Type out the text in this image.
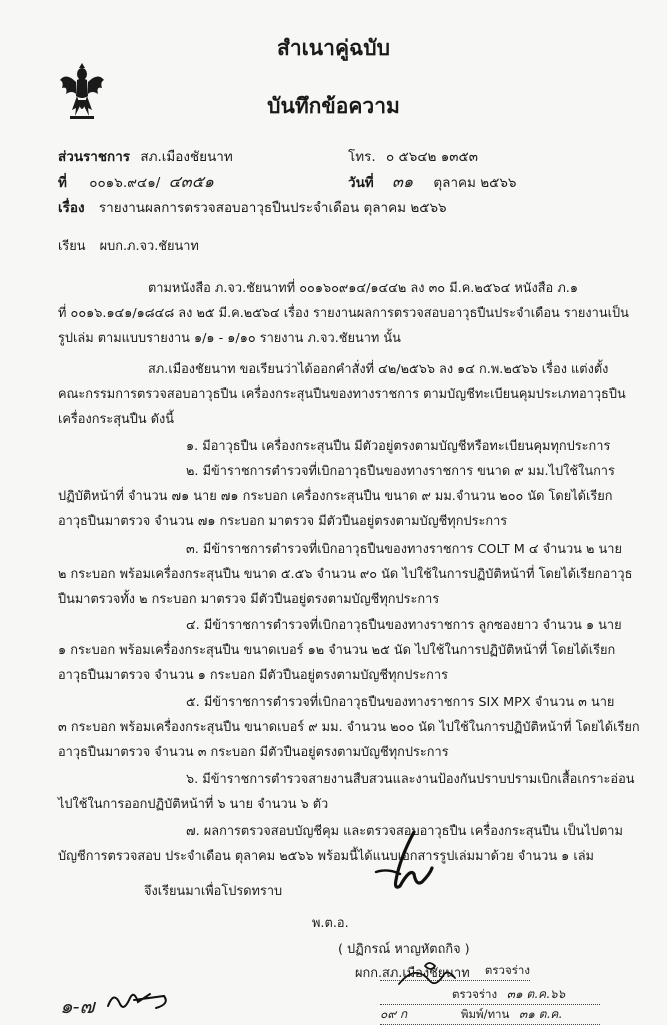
สำเนาคู่ฉบับ
บันทึกข้อความ
ส่วนราชการ สภ.เมืองชัยนาท	โทร. ๐ ๕๖๔๒ ๑๓๕๓
ที่ ๐๐๑๖.๙๔๑/ ๔๓๕๑	วันที่ ๓๑ ตุลาคม ๒๕๖๖
เรื่อง รายงานผลการตรวจสอบอาวุธปืนประจำเดือน ตุลาคม ๒๕๖๖
เรียน ผบก.ภ.จว.ชัยนาท
ตามหนังสือ ภ.จว.ชัยนาทที่ ๐๐๑๖๐๙๑๔/๑๔๔๒ ลง ๓๐ มี.ค.๒๕๖๔ หนังสือ ภ.๑
ที่ ๐๐๑๖.๑๔๑/๑๘๔๘ ลง ๒๕ มี.ค.๒๕๖๔ เรื่อง รายงานผลการตรวจสอบอาวุธปืนประจำเดือน รายงานเป็น
รูปเล่ม ตามแบบรายงาน ๑/๑ - ๑/๑๐ รายงาน ภ.จว.ชัยนาท นั้น
สภ.เมืองชัยนาท ขอเรียนว่าได้ออกคำสั่งที่ ๔๒/๒๕๖๖ ลง ๑๔ ก.พ.๒๕๖๖ เรื่อง แต่งตั้ง
คณะกรรมการตรวจสอบอาวุธปืน เครื่องกระสุนปืนของทางราชการ ตามบัญชีทะเบียนคุมประเภทอาวุธปืน
เครื่องกระสุนปืน ดังนี้
๑. มีอาวุธปืน เครื่องกระสุนปืน มีตัวอยู่ตรงตามบัญชีหรือทะเบียนคุมทุกประการ
๒. มีข้าราชการตำรวจที่เบิกอาวุธปืนของทางราชการ ขนาด ๙ มม.ไปใช้ในการ
ปฏิบัติหน้าที่ จำนวน ๗๑ นาย ๗๑ กระบอก เครื่องกระสุนปืน ขนาด ๙ มม.จำนวน ๒๐๐ นัด โดยได้เรียก
อาวุธปืนมาตรวจ จำนวน ๗๑ กระบอก มาตรวจ มีตัวปืนอยู่ตรงตามบัญชีทุกประการ
๓. มีข้าราชการตำรวจที่เบิกอาวุธปืนของทางราชการ COLT M ๔ จำนวน ๒ นาย
๒ กระบอก พร้อมเครื่องกระสุนปืน ขนาด ๕.๕๖ จำนวน ๙๐ นัด ไปใช้ในการปฏิบัติหน้าที่ โดยได้เรียกอาวุธ
ปืนมาตรวจทั้ง ๒ กระบอก มาตรวจ มีตัวปืนอยู่ตรงตามบัญชีทุกประการ
๔. มีข้าราชการตำรวจที่เบิกอาวุธปืนของทางราชการ ลูกซองยาว จำนวน ๑ นาย
๑ กระบอก พร้อมเครื่องกระสุนปืน ขนาดเบอร์ ๑๒ จำนวน ๒๕ นัด ไปใช้ในการปฏิบัติหน้าที่ โดยได้เรียก
อาวุธปืนมาตรวจ จำนวน ๑ กระบอก มีตัวปืนอยู่ตรงตามบัญชีทุกประการ
๕. มีข้าราชการตำรวจที่เบิกอาวุธปืนของทางราชการ SIX MPX จำนวน ๓ นาย
๓ กระบอก พร้อมเครื่องกระสุนปืน ขนาดเบอร์ ๙ มม. จำนวน ๒๐๐ นัด ไปใช้ในการปฏิบัติหน้าที่ โดยได้เรียก
อาวุธปืนมาตรวจ จำนวน ๓ กระบอก มีตัวปืนอยู่ตรงตามบัญชีทุกประการ
๖. มีข้าราชการตำรวจสายงานสืบสวนและงานป้องกันปราบปรามเบิกเสื้อเกราะอ่อน
ไปใช้ในการออกปฏิบัติหน้าที่ ๖ นาย จำนวน ๖ ตัว
๗. ผลการตรวจสอบบัญชีคุม และตรวจสอบอาวุธปืน เครื่องกระสุนปืน เป็นไปตาม
บัญชีการตรวจสอบ ประจำเดือน ตุลาคม ๒๕๖๖ พร้อมนี้ได้แนบเอกสารรูปเล่มมาด้วย จำนวน ๑ เล่ม
จึงเรียนมาเพื่อโปรดทราบ
พ.ต.อ.
( ปฏิกรณ์ หาญหัตถกิจ )
ผกก.สภ.เมืองชัยนาท
๑-๗
ตรวจร่าง
ตรวจร่าง ๓๑ ต.ค.๖๖
๐๙ ก	พิมพ์/ทาน ๓๑ ต.ค.
